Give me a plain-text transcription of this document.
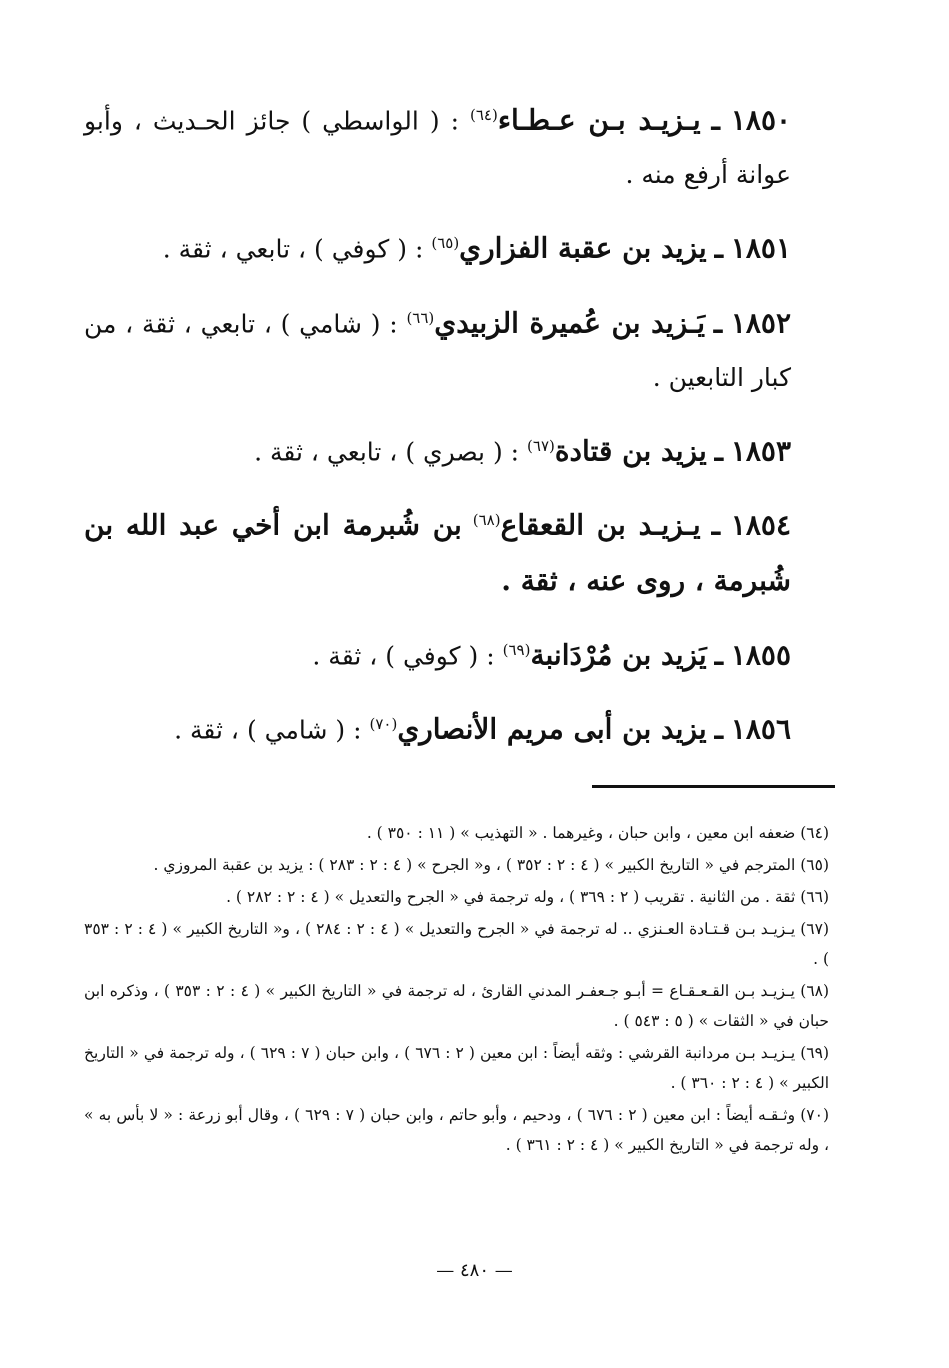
١٨٥٠ ـ يـزيـد بـن عـطـاء$^{(٦٤)}$ : ( الواسطي ) جائز الحـديث ، وأبو عوانة أرفع منه .

١٨٥١ ـ يزيد بن عقبة الفزاري$^{(٦٥)}$ : ( كوفي ) ، تابعي ، ثقة .

١٨٥٢ ـ يَـزيد بن عُميرة الزبيدي$^{(٦٦)}$ : ( شامي ) ، تابعي ، ثقة ، من كبار التابعين .

١٨٥٣ ـ يزيد بن قتادة$^{(٦٧)}$ : ( بصري ) ، تابعي ، ثقة .

١٨٥٤ ـ يـزيـد بن القعقاع$^{(٦٨)}$ بن شُبرمة ابن أخي عبد الله بن شُبرمة ، روى عنه ، ثقة .

١٨٥٥ ـ يَزيد بن مُرْدَانبة$^{(٦٩)}$ : ( كوفي ) ، ثقة .

١٨٥٦ ـ يزيد بن أبى مريم الأنصاري$^{(٧٠)}$ : ( شامي ) ، ثقة .

(٦٤) ضعفه ابن معين ، وابن حبان ، وغيرهما . « التهذيب » ( ١١ : ٣٥٠ ) .

(٦٥) المترجم في « التاريخ الكبير » ( ٤ : ٢ : ٣٥٢ ) ، و« الجرح » ( ٤ : ٢ : ٢٨٣ ) : يزيد بن عقبة المروزي .

(٦٦) ثقة . من الثانية . تقريب ( ٢ : ٣٦٩ ) ، وله ترجمة في « الجرح والتعديل » ( ٤ : ٢ : ٢٨٢ ) .

(٦٧) يـزيـد بـن قـتـادة العـنزي .. له ترجمة في « الجرح والتعديل » ( ٤ : ٢ : ٢٨٤ ) ، و« التاريخ الكبير » ( ٤ : ٢ : ٣٥٣ ) .

(٦٨) يـزيـد بـن القـعـقـاع = أبـو جـعفـر المدني القارئ ، له ترجمة في « التاريخ الكبير » ( ٤ : ٢ : ٣٥٣ ) ، وذكره ابن حبان في « الثقات » ( ٥ : ٥٤٣ ) .

(٦٩) يـزيـد بـن مردانبة القرشي : وثقه أيضاً : ابن معين ( ٢ : ٦٧٦ ) ، وابن حبان ( ٧ : ٦٢٩ ) ، وله ترجمة في « التاريخ الكبير » ( ٤ : ٢ : ٣٦٠ ) .

(٧٠) وثـقـه أيضاً : ابن معين ( ٢ : ٦٧٦ ) ، ودحيم ، وأبو حاتم ، وابن حبان ( ٧ : ٦٢٩ ) ، وقال أبو زرعة : « لا بأس به » ، وله ترجمة في « التاريخ الكبير » ( ٤ : ٢ : ٣٦١ ) .

— ٤٨٠ —
